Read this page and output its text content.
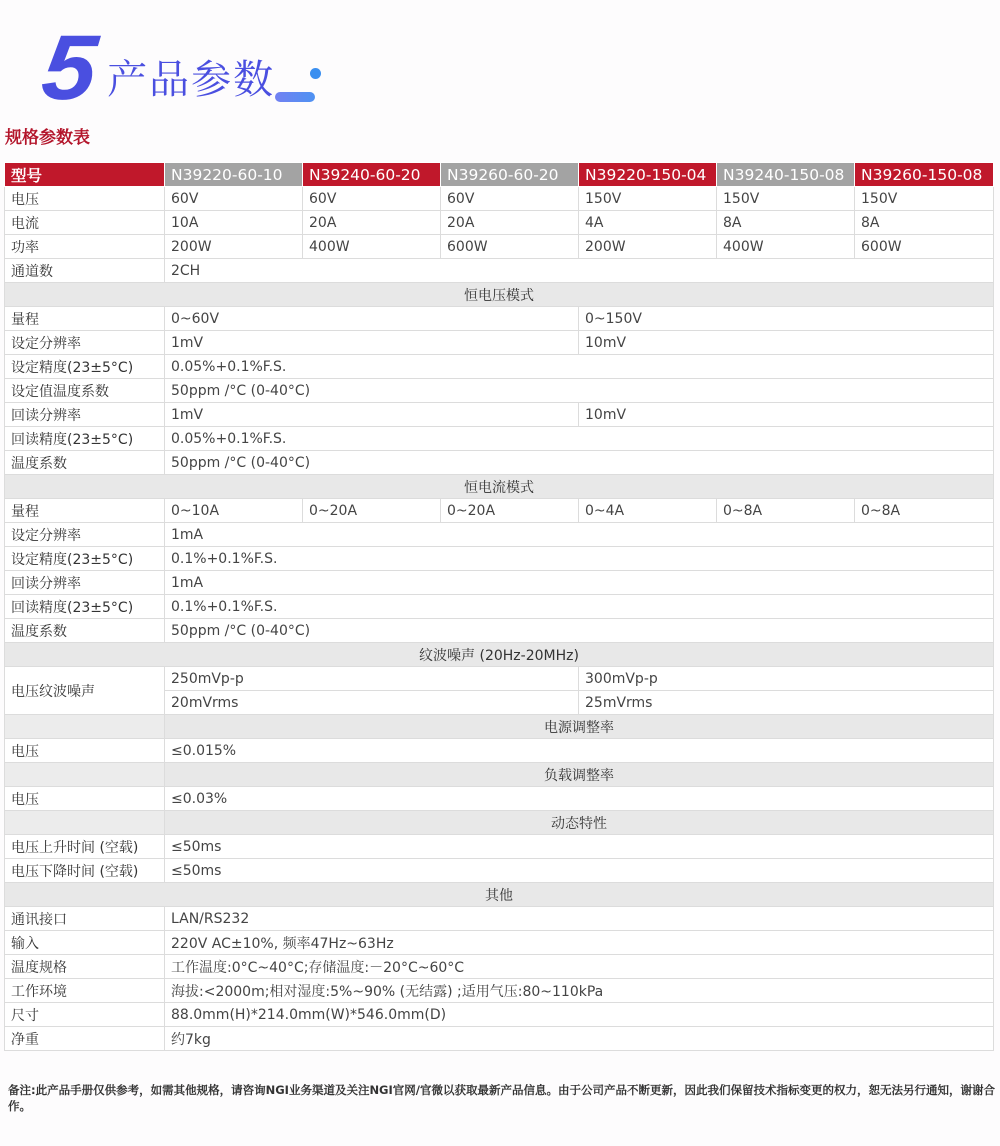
5 产品参数
规格参数表
型号	N39220-60-10	N39240-60-20	N39260-60-20	N39220-150-04	N39240-150-08	N39260-150-08
电压	60V	60V	60V	150V	150V	150V
电流	10A	20A	20A	4A	8A	8A
功率	200W	400W	600W	200W	400W	600W
通道数	2CH					
恒电压模式						
量程	0~60V			0~150V		
设定分辨率	1mV			10mV		
设定精度(23±5°C)	0.05%+0.1%F.S.					
设定值温度系数	50ppm /°C (0-40°C)					
回读分辨率	1mV			10mV		
回读精度(23±5°C)	0.05%+0.1%F.S.					
温度系数	50ppm /°C (0-40°C)					
恒电流模式						
量程	0~10A	0~20A	0~20A	0~4A	0~8A	0~8A
设定分辨率	1mA					
设定精度(23±5°C)	0.1%+0.1%F.S.					
回读分辨率	1mA					
回读精度(23±5°C)	0.1%+0.1%F.S.					
温度系数	50ppm /°C (0-40°C)					
纹波噪声 (20Hz-20MHz)						
电压纹波噪声	250mVp-p			300mVp-p		
	20mVrms			25mVrms		
	电源调整率					
电压	≤0.015%					
	负载调整率					
电压	≤0.03%					
	动态特性					
电压上升时间 (空载)	≤50ms					
电压下降时间 (空载)	≤50ms					
其他						
通讯接口	LAN/RS232					
输入	220V AC±10%, 频率47Hz~63Hz					
温度规格	工作温度:0°C~40°C;存储温度:－20°C~60°C					
工作环境	海拔:<2000m;相对湿度:5%~90% (无结露) ;适用气压:80~110kPa					
尺寸	88.0mm(H)*214.0mm(W)*546.0mm(D)					
净重	约7kg					
备注:此产品手册仅供参考，如需其他规格，请咨询NGI业务渠道及关注NGI官网/官微以获取最新产品信息。由于公司产品不断更新，因此我们保留技术指标变更的权力，恕无法另行通知，谢谢合作。
